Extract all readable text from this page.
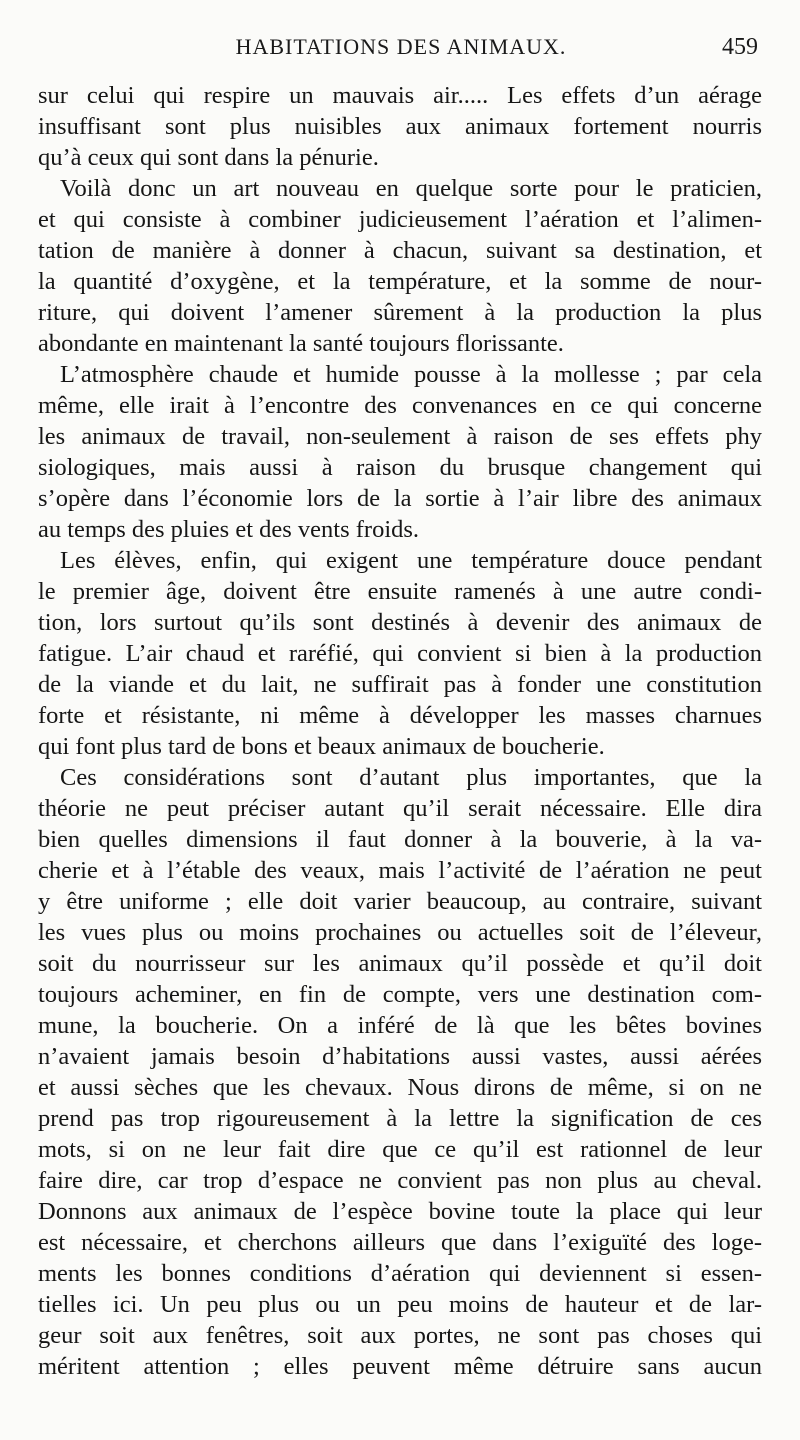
HABITATIONS DES ANIMAUX.	459
sur celui qui respire un mauvais air..... Les effets d’un aérage
insuffisant sont plus nuisibles aux animaux fortement nourris
qu’à ceux qui sont dans la pénurie.
Voilà donc un art nouveau en quelque sorte pour le praticien,
et qui consiste à combiner judicieusement l’aération et l’alimen-
tation de manière à donner à chacun, suivant sa destination, et
la quantité d’oxygène, et la température, et la somme de nour-
riture, qui doivent l’amener sûrement à la production la plus
abondante en maintenant la santé toujours florissante.
L’atmosphère chaude et humide pousse à la mollesse ; par cela
même, elle irait à l’encontre des convenances en ce qui concerne
les animaux de travail, non-seulement à raison de ses effets phy
siologiques, mais aussi à raison du brusque changement qui
s’opère dans l’économie lors de la sortie à l’air libre des animaux
au temps des pluies et des vents froids.
Les élèves, enfin, qui exigent une température douce pendant
le premier âge, doivent être ensuite ramenés à une autre condi-
tion, lors surtout qu’ils sont destinés à devenir des animaux de
fatigue. L’air chaud et raréfié, qui convient si bien à la production
de la viande et du lait, ne suffirait pas à fonder une constitution
forte et résistante, ni même à développer les masses charnues
qui font plus tard de bons et beaux animaux de boucherie.
Ces considérations sont d’autant plus importantes, que la
théorie ne peut préciser autant qu’il serait nécessaire. Elle dira
bien quelles dimensions il faut donner à la bouverie, à la va-
cherie et à l’étable des veaux, mais l’activité de l’aération ne peut
y être uniforme ; elle doit varier beaucoup, au contraire, suivant
les vues plus ou moins prochaines ou actuelles soit de l’éleveur,
soit du nourrisseur sur les animaux qu’il possède et qu’il doit
toujours acheminer, en fin de compte, vers une destination com-
mune, la boucherie. On a inféré de là que les bêtes bovines
n’avaient jamais besoin d’habitations aussi vastes, aussi aérées
et aussi sèches que les chevaux. Nous dirons de même, si on ne
prend pas trop rigoureusement à la lettre la signification de ces
mots, si on ne leur fait dire que ce qu’il est rationnel de leur
faire dire, car trop d’espace ne convient pas non plus au cheval.
Donnons aux animaux de l’espèce bovine toute la place qui leur
est nécessaire, et cherchons ailleurs que dans l’exiguïté des loge-
ments les bonnes conditions d’aération qui deviennent si essen-
tielles ici. Un peu plus ou un peu moins de hauteur et de lar-
geur soit aux fenêtres, soit aux portes, ne sont pas choses qui
méritent attention ; elles peuvent même détruire sans aucun
